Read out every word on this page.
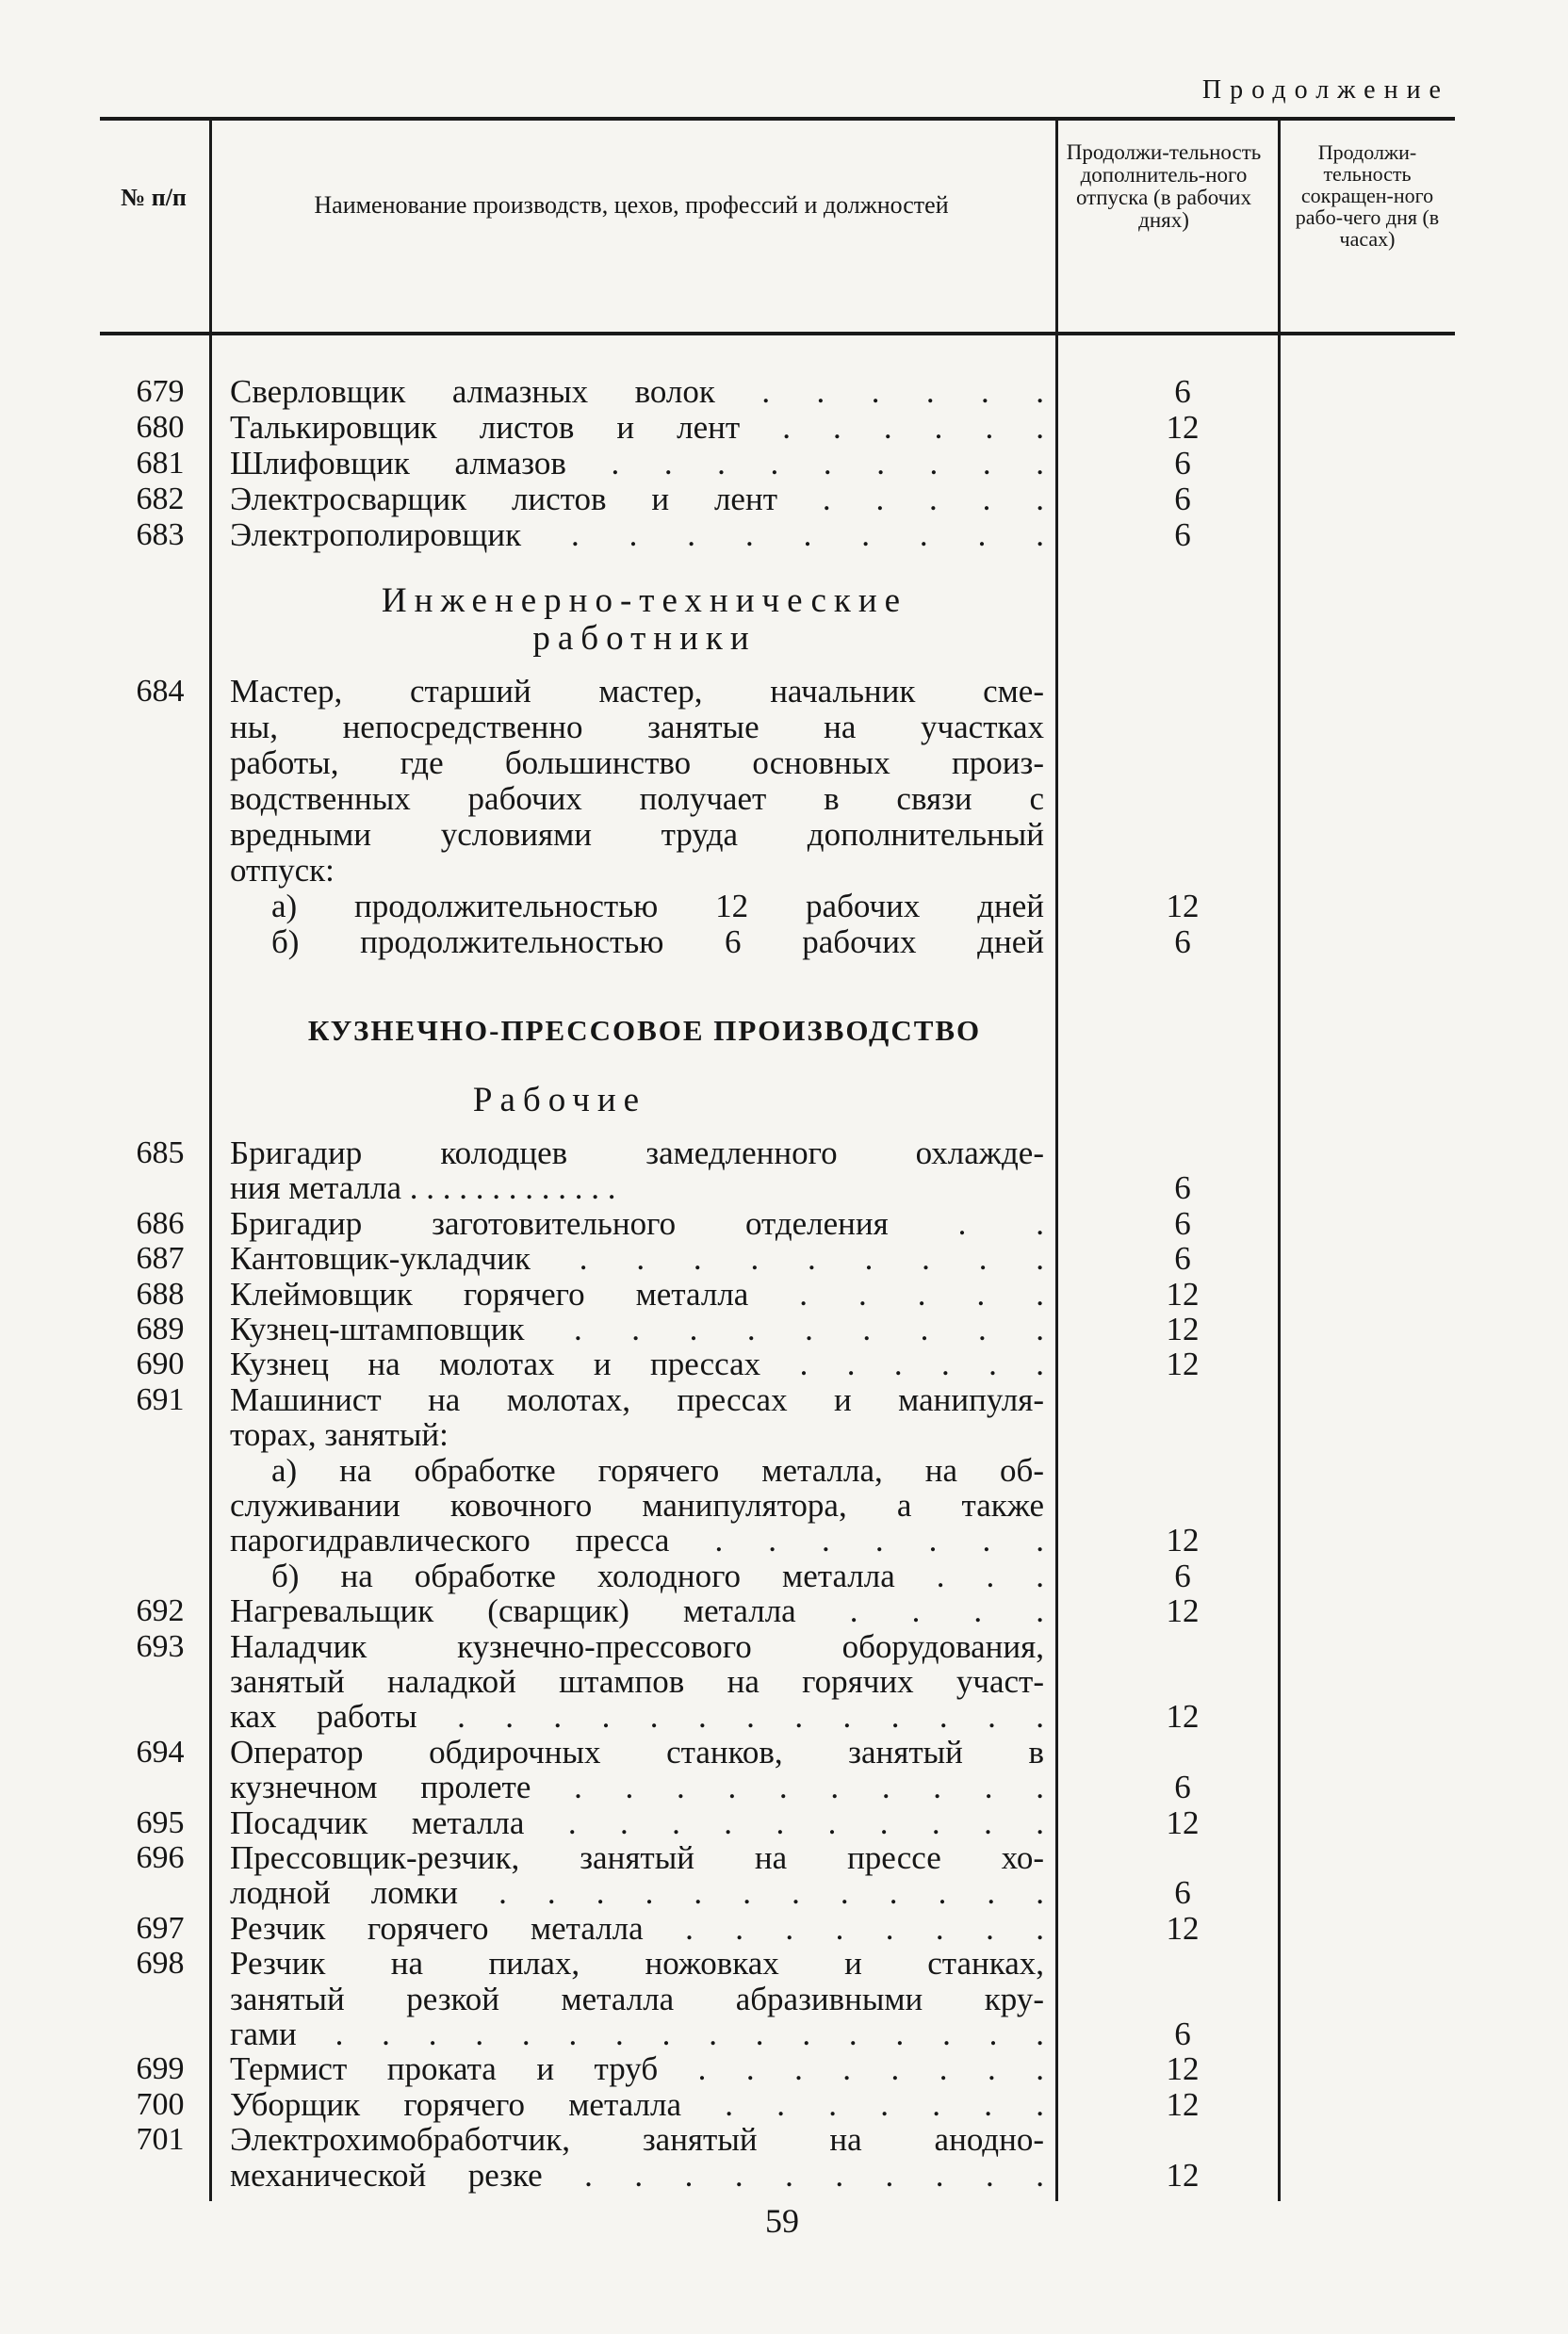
Продолжение
№ п/п	Наименование производств, цехов, профессий и должностей
Продолжи-тельность дополнитель-ного отпуска (в рабочих днях)
Продолжи-тельность сокращен-ного рабо-чего дня (в часах)
679	Сверловщик алмазных волок . . . . . .	6
680	Талькировщик листов и лент . . . . . .	12
681	Шлифовщик алмазов . . . . . . . . .	6
682	Электросварщик листов и лент . . . . .	6
683	Электрополировщик . . . . . . . . .	6
Инженерно-технические
работники
684	Мастер, старший мастер, начальник сме-
ны, непосредственно занятые на участках
работы, где большинство основных произ-
водственных рабочих получает в связи с
вредными условиями труда дополнительный
отпуск:
а) продолжительностью 12 рабочих дней	12
б) продолжительностью 6 рабочих дней	6
КУЗНЕЧНО-ПРЕССОВОЕ ПРОИЗВОДСТВО
Рабочие
685	Бригадир колодцев замедленного охлажде-
ния металла . . . . . . . . . . . . .	6
686	Бригадир заготовительного отделения . .	6
687	Кантовщик-укладчик . . . . . . . . .	6
688	Клеймовщик горячего металла . . . . .	12
689	Кузнец-штамповщик . . . . . . . . .	12
690	Кузнец на молотах и прессах . . . . . .	12
691	Машинист на молотах, прессах и манипуля-
торах, занятый:
а) на обработке горячего металла, на об-
служивании ковочного манипулятора, а также
парогидравлического пресса . . . . . . .	12
б) на обработке холодного металла . . .	6
692	Нагревальщик (сварщик) металла . . . .	12
693	Наладчик кузнечно-прессового оборудования,
занятый наладкой штампов на горячих участ-
ках работы . . . . . . . . . . . . .	12
694	Оператор обдирочных станков, занятый в
кузнечном пролете . . . . . . . . . .	6
695	Посадчик металла . . . . . . . . . .	12
696	Прессовщик-резчик, занятый на прессе хо-
лодной ломки . . . . . . . . . . . .	6
697	Резчик горячего металла . . . . . . . .	12
698	Резчик на пилах, ножовках и станках,
занятый резкой металла абразивными кру-
гами . . . . . . . . . . . . . . . .	6
699	Термист проката и труб . . . . . . . .	12
700	Уборщик горячего металла . . . . . . .	12
701	Электрохимобработчик, занятый на анодно-
механической резке . . . . . . . . . .	12
59
